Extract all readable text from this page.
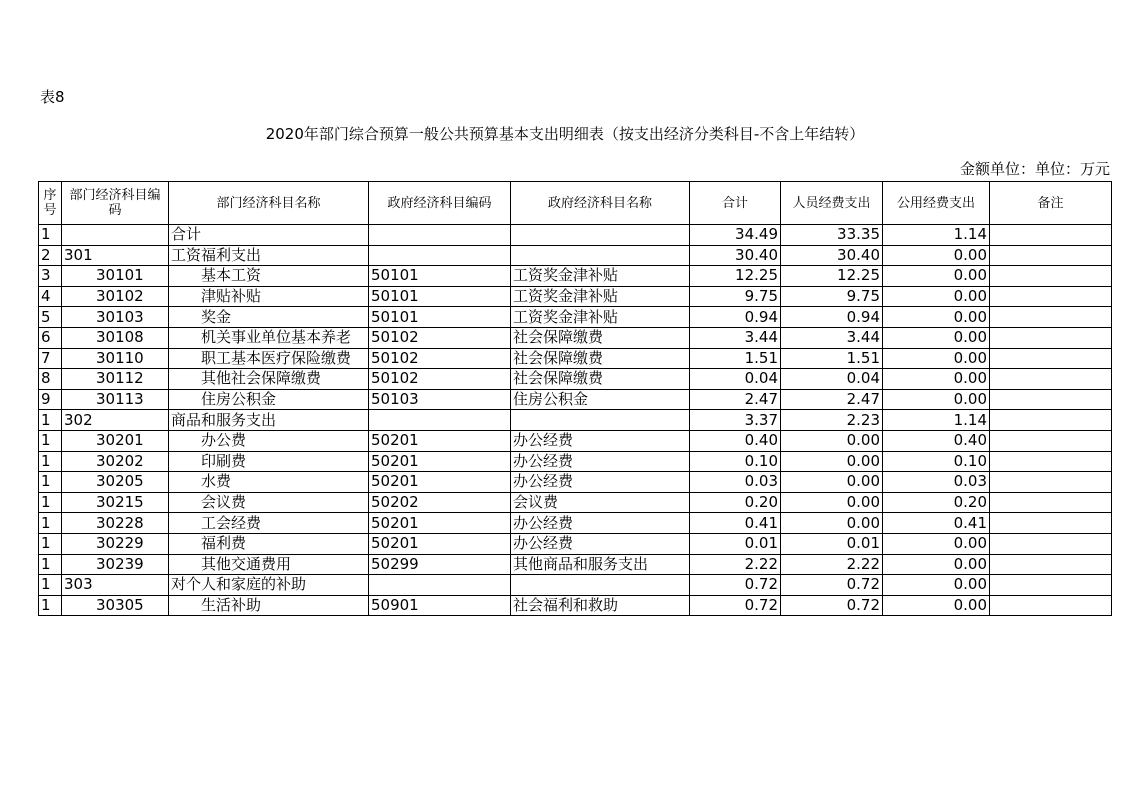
表8
2020年部门综合预算一般公共预算基本支出明细表（按支出经济分类科目-不含上年结转）
金额单位：单位：万元
序号	部门经济科目编码	部门经济科目名称	政府经济科目编码	政府经济科目名称	合计	人员经费支出	公用经费支出	备注
1		合计			34.49	33.35	1.14	
2	301	工资福利支出			30.40	30.40	0.00	
3	30101	基本工资	50101	工资奖金津补贴	12.25	12.25	0.00	
4	30102	津贴补贴	50101	工资奖金津补贴	9.75	9.75	0.00	
5	30103	奖金	50101	工资奖金津补贴	0.94	0.94	0.00	
6	30108	机关事业单位基本养老	50102	社会保障缴费	3.44	3.44	0.00	
7	30110	职工基本医疗保险缴费	50102	社会保障缴费	1.51	1.51	0.00	
8	30112	其他社会保障缴费	50102	社会保障缴费	0.04	0.04	0.00	
9	30113	住房公积金	50103	住房公积金	2.47	2.47	0.00	
1	302	商品和服务支出			3.37	2.23	1.14	
1	30201	办公费	50201	办公经费	0.40	0.00	0.40	
1	30202	印刷费	50201	办公经费	0.10	0.00	0.10	
1	30205	水费	50201	办公经费	0.03	0.00	0.03	
1	30215	会议费	50202	会议费	0.20	0.00	0.20	
1	30228	工会经费	50201	办公经费	0.41	0.00	0.41	
1	30229	福利费	50201	办公经费	0.01	0.01	0.00	
1	30239	其他交通费用	50299	其他商品和服务支出	2.22	2.22	0.00	
1	303	对个人和家庭的补助			0.72	0.72	0.00	
1	30305	生活补助	50901	社会福利和救助	0.72	0.72	0.00	
